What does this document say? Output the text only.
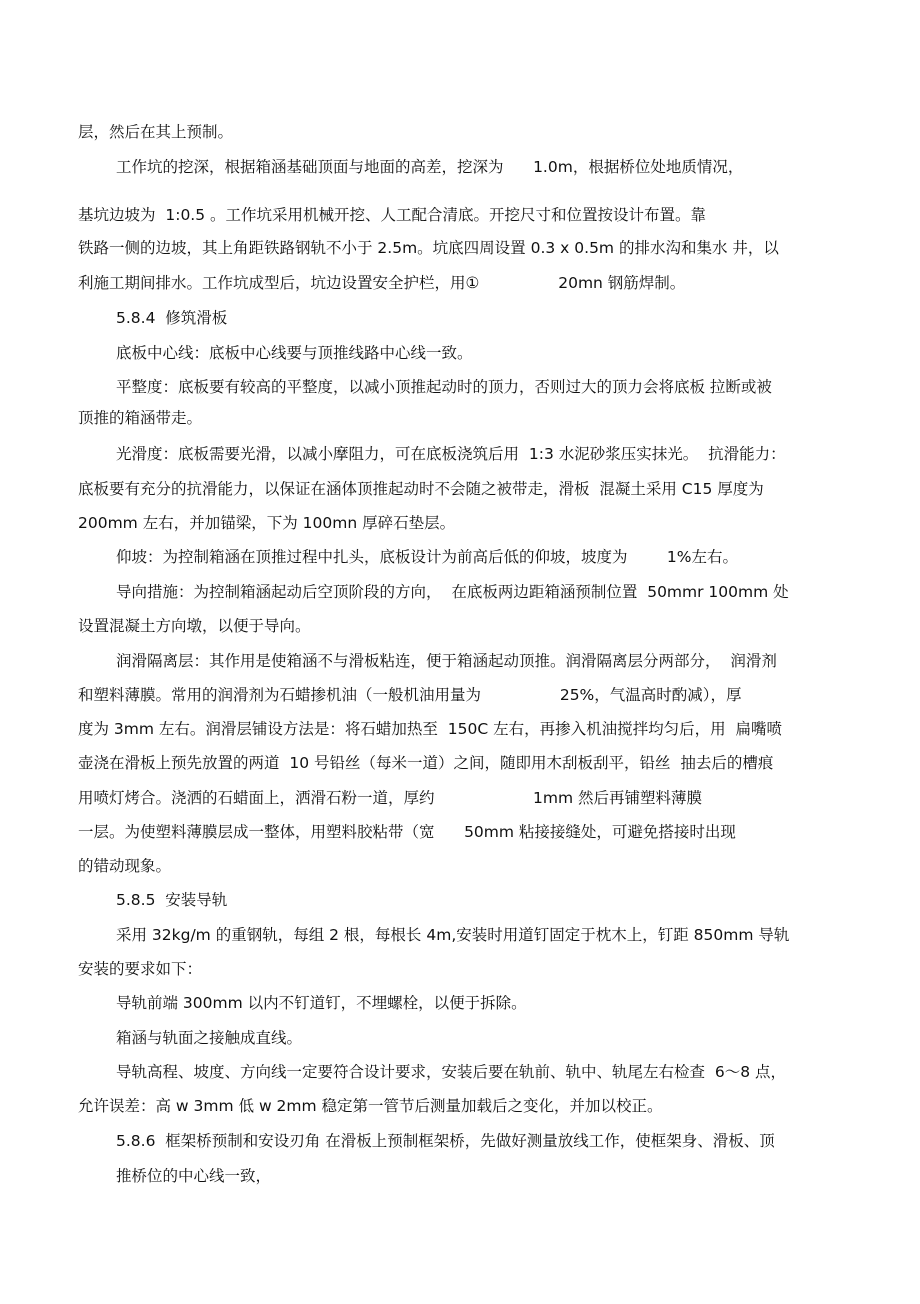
层，然后在其上预制。
工作坑的挖深，根据箱涵基础顶面与地面的高差，挖深为      1.0m，根据桥位处地质情况，
基坑边坡为  1:0.5 。工作坑采用机械开挖、人工配合清底。开挖尺寸和位置按设计布置。靠
铁路一侧的边坡，其上角距铁路钢轨不小于 2.5m。坑底四周设置 0.3 x 0.5m 的排水沟和集水 井，以
利施工期间排水。工作坑成型后，坑边设置安全护栏，用①                20mn 钢筋焊制。
5.8.4  修筑滑板
底板中心线：底板中心线要与顶推线路中心线一致。
平整度：底板要有较高的平整度，以减小顶推起动时的顶力，否则过大的顶力会将底板 拉断或被
顶推的箱涵带走。
光滑度：底板需要光滑，以减小摩阻力，可在底板浇筑后用  1:3 水泥砂浆压实抹光。  抗滑能力：
底板要有充分的抗滑能力，以保证在涵体顶推起动时不会随之被带走，滑板  混凝土采用 C15 厚度为
200mm 左右，并加锚梁，下为 100mn 厚碎石垫层。
仰坡：为控制箱涵在顶推过程中扎头，底板设计为前高后低的仰坡，坡度为        1%左右。
导向措施：为控制箱涵起动后空顶阶段的方向，  在底板两边距箱涵预制位置  50mmr 100mm 处
设置混凝土方向墩，以便于导向。
润滑隔离层：其作用是使箱涵不与滑板粘连，便于箱涵起动顶推。润滑隔离层分两部分，  润滑剂
和塑料薄膜。常用的润滑剂为石蜡掺机油（一般机油用量为                25%，气温高时酌减），厚
度为 3mm 左右。润滑层铺设方法是：将石蜡加热至  150C 左右，再掺入机油搅拌均匀后，用  扁嘴喷
壶浇在滑板上预先放置的两道  10 号铅丝（每米一道）之间，随即用木刮板刮平，铅丝  抽去后的槽痕
用喷灯烤合。浇洒的石蜡面上，洒滑石粉一道，厚约                    1mm 然后再铺塑料薄膜
一层。为使塑料薄膜层成一整体，用塑料胶粘带（宽      50mm 粘接接缝处，可避免搭接时出现
的错动现象。
5.8.5  安装导轨
采用 32kg/m 的重钢轨，每组 2 根，每根长 4m,安装时用道钉固定于枕木上，钉距 850mm 导轨
安装的要求如下：
导轨前端 300mm 以内不钉道钉，不埋螺栓，以便于拆除。
箱涵与轨面之接触成直线。
导轨高程、坡度、方向线一定要符合设计要求，安装后要在轨前、轨中、轨尾左右检查  6～8 点，
允许误差：高 w 3mm 低 w 2mm 稳定第一管节后测量加载后之变化，并加以校正。
5.8.6  框架桥预制和安设刃角 在滑板上预制框架桥，先做好测量放线工作，使框架身、滑板、顶
推桥位的中心线一致，
